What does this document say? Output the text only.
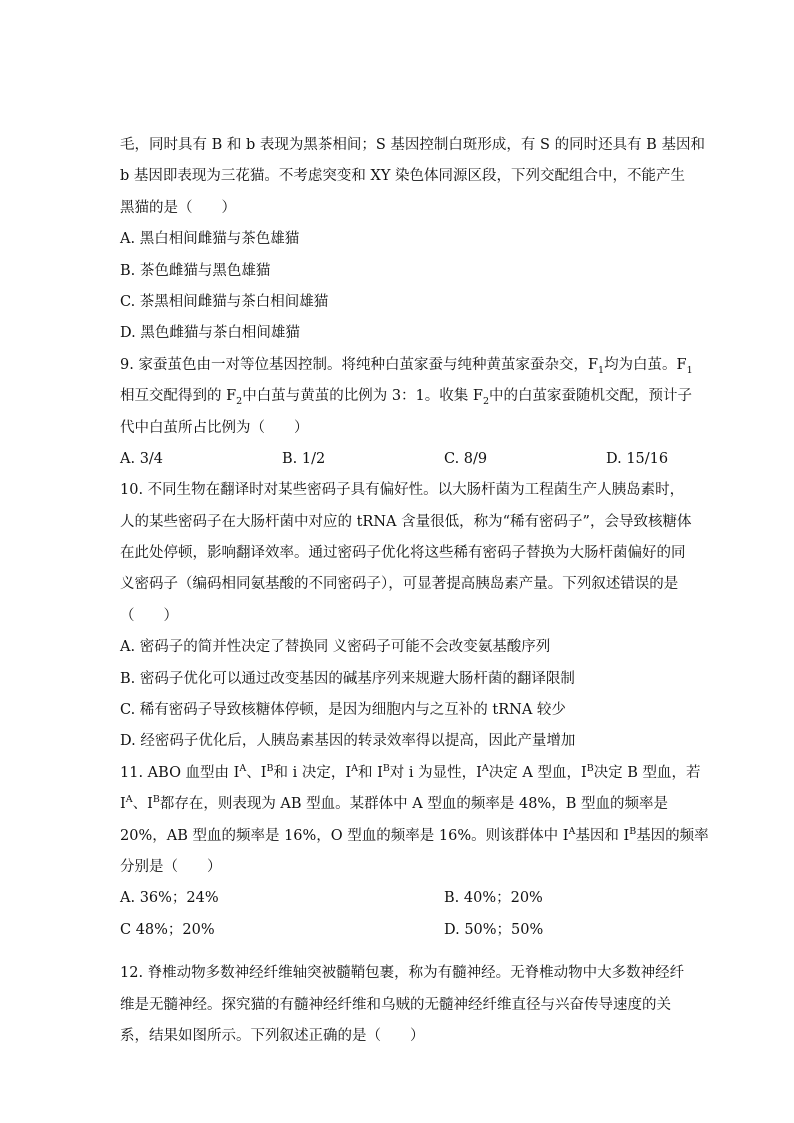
毛，同时具有 B 和 b 表现为黑茶相间；S 基因控制白斑形成，有 S 的同时还具有 B 基因和
b 基因即表现为三花猫。不考虑突变和 XY 染色体同源区段，下列交配组合中，不能产生
黑猫的是（　　）
A. 黑白相间雌猫与茶色雄猫
B. 茶色雌猫与黑色雄猫
C. 茶黑相间雌猫与茶白相间雄猫
D. 黑色雌猫与茶白相间雄猫
9. 家蚕茧色由一对等位基因控制。将纯种白茧家蚕与纯种黄茧家蚕杂交，$F_1$均为白茧。$F_1$
相互交配得到的 $F_2$中白茧与黄茧的比例为 3：1。收集 $F_2$中的白茧家蚕随机交配，预计子
代中白茧所占比例为（　　）
A. 3/4	B. 1/2	C. 8/9	D. 15/16
10. 不同生物在翻译时对某些密码子具有偏好性。以大肠杆菌为工程菌生产人胰岛素时，
人的某些密码子在大肠杆菌中对应的 tRNA 含量很低，称为“稀有密码子”，会导致核糖体
在此处停顿，影响翻译效率。通过密码子优化将这些稀有密码子替换为大肠杆菌偏好的同
义密码子（编码相同氨基酸的不同密码子），可显著提高胰岛素产量。下列叙述错误的是
（　　）
A. 密码子的简并性决定了替换同 义密码子可能不会改变氨基酸序列
B. 密码子优化可以通过改变基因的碱基序列来规避大肠杆菌的翻译限制
C. 稀有密码子导致核糖体停顿，是因为细胞内与之互补的 tRNA 较少
D. 经密码子优化后，人胰岛素基因的转录效率得以提高，因此产量增加
11. ABO 血型由 $I^A$、$I^B$和 i 决定，$I^A$和 $I^B$对 i 为显性，$I^A$决定 A 型血，$I^B$决定 B 型血，若
$I^A$、$I^B$都存在，则表现为 AB 型血。某群体中 A 型血的频率是 48%，B 型血的频率是
20%，AB 型血的频率是 16%，O 型血的频率是 16%。则该群体中 $I^A$基因和 $I^B$基因的频率
分别是（　　）
A. 36%；24%	B. 40%；20%
C 48%；20%	D. 50%；50%
12. 脊椎动物多数神经纤维轴突被髓鞘包裹，称为有髓神经。无脊椎动物中大多数神经纤
维是无髓神经。探究猫的有髓神经纤维和乌贼的无髓神经纤维直径与兴奋传导速度的关
系，结果如图所示。下列叙述正确的是（　　）
